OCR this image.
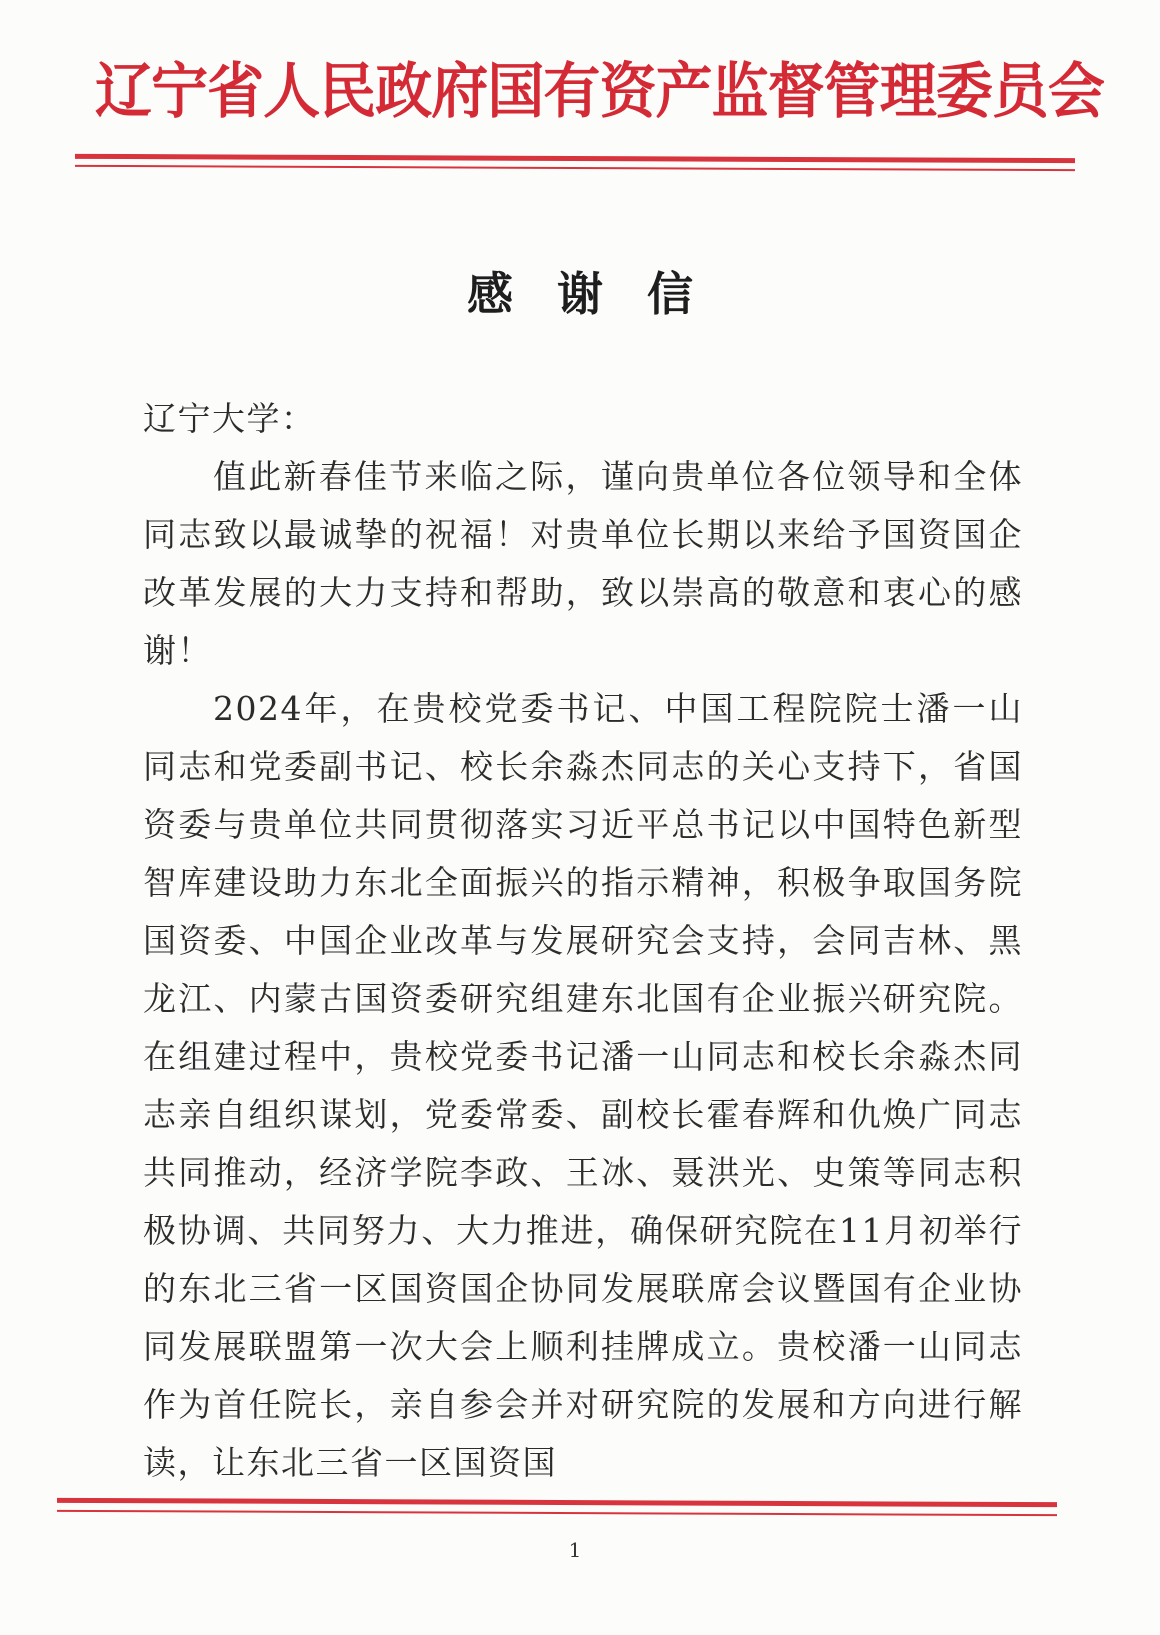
辽宁省人民政府国有资产监督管理委员会
感谢信

辽宁大学：

值此新春佳节来临之际，谨向贵单位各位领导和全体同志致以最诚挚的祝福！对贵单位长期以来给予国资国企改革发展的大力支持和帮助，致以崇高的敬意和衷心的感谢！

2024年，在贵校党委书记、中国工程院院士潘一山同志和党委副书记、校长余淼杰同志的关心支持下，省国资委与贵单位共同贯彻落实习近平总书记以中国特色新型智库建设助力东北全面振兴的指示精神，积极争取国务院国资委、中国企业改革与发展研究会支持，会同吉林、黑龙江、内蒙古国资委研究组建东北国有企业振兴研究院。在组建过程中，贵校党委书记潘一山同志和校长余淼杰同志亲自组织谋划，党委常委、副校长霍春辉和仇焕广同志共同推动，经济学院李政、王冰、聂洪光、史策等同志积极协调、共同努力、大力推进，确保研究院在11月初举行的东北三省一区国资国企协同发展联席会议暨国有企业协同发展联盟第一次大会上顺利挂牌成立。贵校潘一山同志作为首任院长，亲自参会并对研究院的发展和方向进行解读，让东北三省一区国资国

1
